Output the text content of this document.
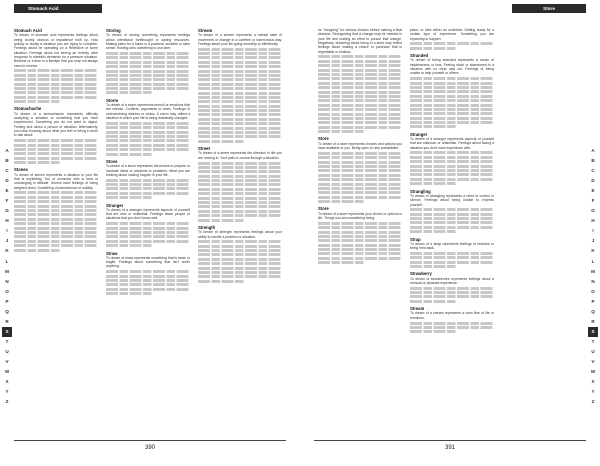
Stomach Acid
Stomach Acid

To dream of stomach acid represents feelings about being cruelly obvious or impatience built up. How quickly or slowly a situation you are trying to complete. Feelings about be operating on a Reflective of some situation. Feelings about not seeing an entirely calm response to stressful demands on a pressure situation. Bedtime or a time in a lifestyle that you may not always need to receive.

Stomachache

To dream of a stomachache represents difficulty accepting a situation or something that you have experienced. Something you do not want to digest. Feeling sick about a person or situation. Alternatively, you have knowing about what you feel or being it worth to talk about.

Stones

To dream of stones represents a situation in your life that is unyielding. You or someone who is hard or unchanging in attitude. Stones have feelings of being weighed down. Something of permanence or solidity.

Storing

To dream of storing something represents feelings about intentional forethought or saving resources. Making plans for a future in a practical, sensible or calm sense. Holding onto something to use later.

Storm

To dream of a storm represents turmoil or emotions that are intense. Conflicts, arguments or crisis. Feelings of overwhelming distress or chaos. A storm may reflect a situation in which your life is being drastically changed.

Stove

To dream of a stove represents the means to prepare or incubate ideas or solutions to problems. What you are thinking about making happen in your life.

Stranger

To dream of a stranger represents aspects of yourself that are new or unfamiliar. Feelings about people or situations that you don't know well.

Straw

To dream of straw represents something that is weak or fragile. Feelings about something that isn't worth anything.

Stream

To dream of a stream represents a mental state of movement or change in a carefree or harmonious way. Feelings about your life going smoothly or effortlessly.

Street

To dream of a street represents the direction in life you are moving in. Your path or course through a situation.

Strength

To dream of strength represents feelings about your ability to handle a problem or situation.

A
B
C
D
E
F
G
H
I
J
K
L
M
N
O
P
Q
R
S
T
U
V
W
X
Y
Z
390
Store

be "shopping" for various choices before making a final decision. Recognizing that a change may be needed in your life and making an effort to pursue that change. Negatively, dreaming about being in a store may reflect feelings about making a choice or purchase that is regrettable or shallow.

Store

To dream of a store represents choices and options you have available to you. Being open to new possibilities.

Store

To dream of a store represents your choice or options in life. Things you are considering doing.

place, or idea within an undertow. Getting ready for a certain type of experience. Something you are expecting to happen.

Stranded

To dream of being stranded represents a sense of helplessness or loss. Feeling stuck or abandoned in a situation with no clear way out. Feelings of being unable to help yourself or others.

Stranger

To dream of a stranger represents aspects of yourself that are unknown or unfamiliar. Feelings about facing a situation you don't have experience with.

Strangling

To dream of strangling represents a need to control or silence. Feelings about being unable to express yourself.

Strap

To dream of a strap represents feelings of restraint or being held back.

Strawberry

To dream of strawberries represents feelings about a sensual or pleasant experience.

Stream

To dream of a stream represents a calm flow of life or emotions.

A
B
C
D
E
F
G
H
I
J
K
L
M
N
O
P
Q
R
S
T
U
V
W
X
Y
Z
391
